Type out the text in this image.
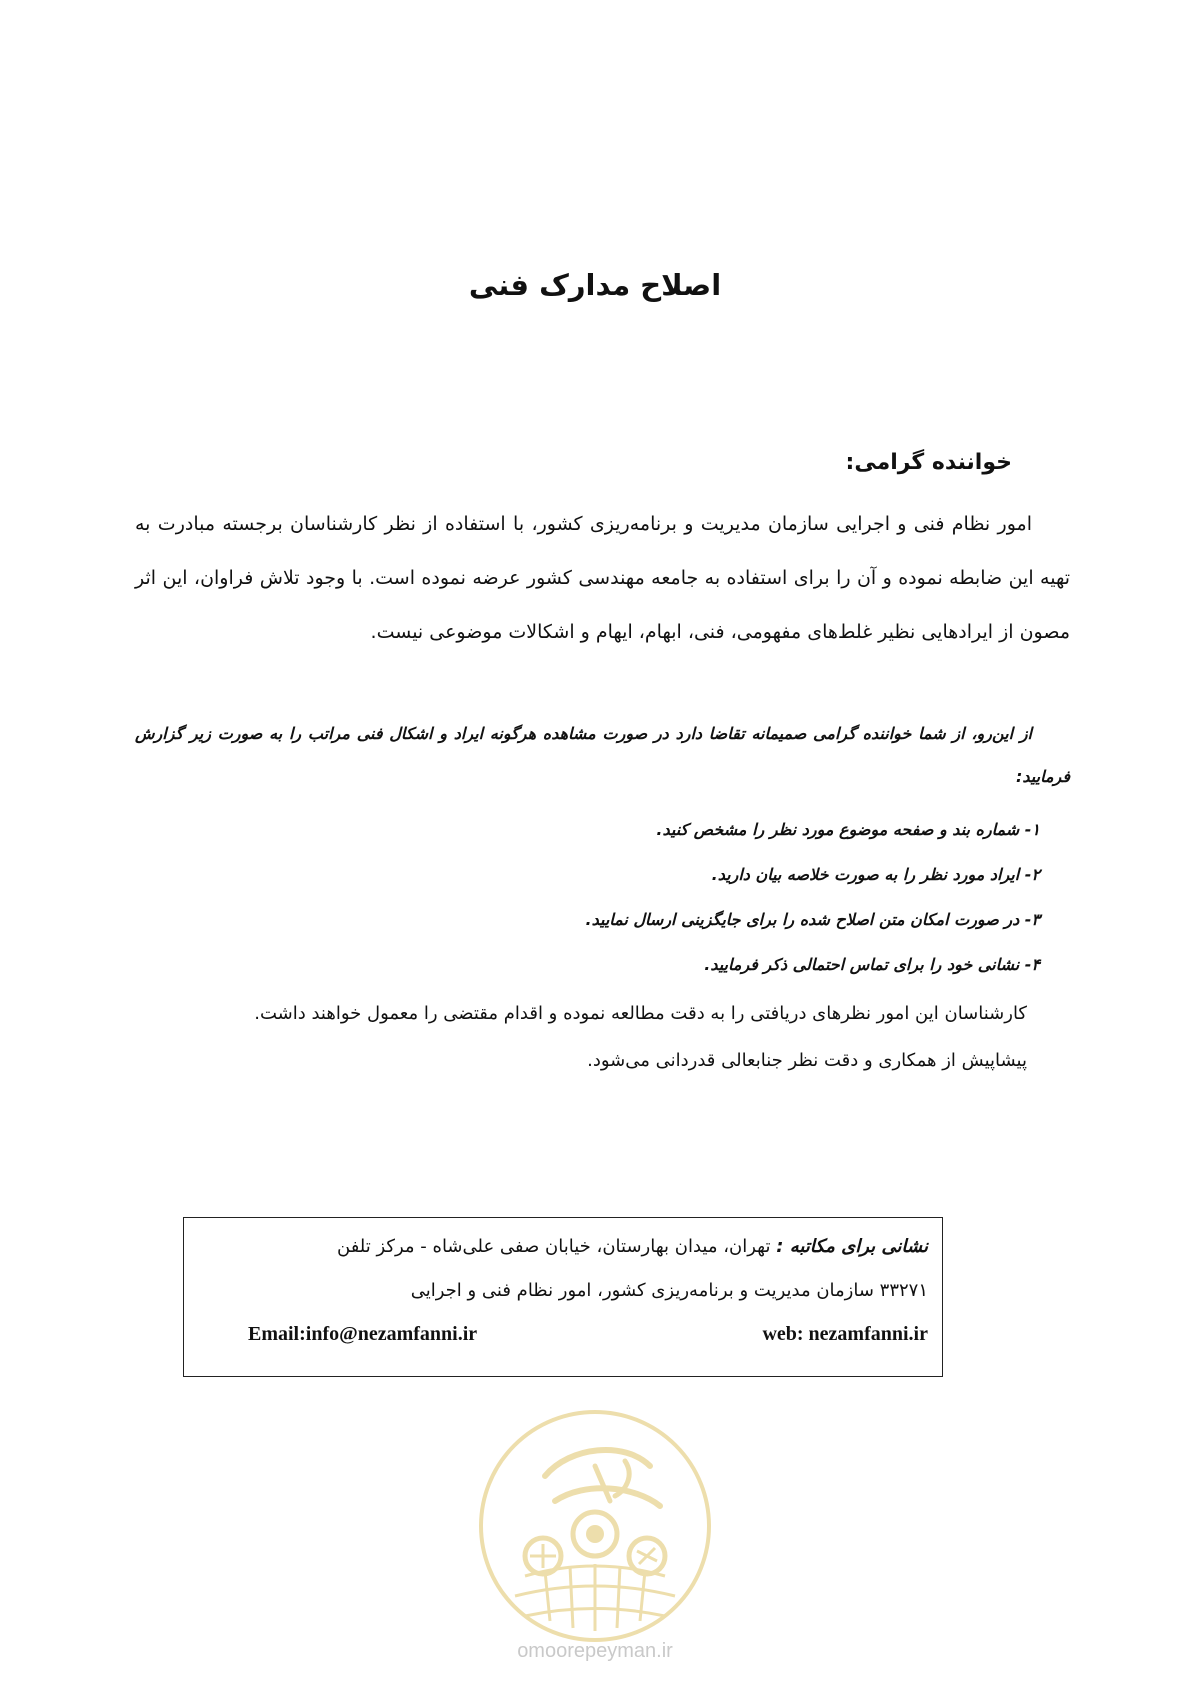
اصلاح مدارک فنی
خواننده گرامی:
امور نظام فنی و اجرایی سازمان مدیریت و برنامه‌ریزی کشور، با استفاده از نظر کارشناسان برجسته مبادرت به تهیه این ضابطه نموده و آن را برای استفاده به جامعه مهندسی کشور عرضه نموده است. با وجود تلاش فراوان، این اثر مصون از ایرادهایی نظیر غلط‌های مفهومی، فنی، ابهام، ایهام و اشکالات موضوعی نیست.
از این‌رو، از شما خواننده گرامی صمیمانه تقاضا دارد در صورت مشاهده هرگونه ایراد و اشکال فنی مراتب را به صورت زیر گزارش فرمایید:
۱- شماره بند و صفحه موضوع مورد نظر را مشخص کنید.
۲- ایراد مورد نظر را به صورت خلاصه بیان دارید.
۳- در صورت امکان متن اصلاح شده را برای جایگزینی ارسال نمایید.
۴- نشانی خود را برای تماس احتمالی ذکر فرمایید.
کارشناسان این امور نظرهای دریافتی را به دقت مطالعه نموده و اقدام مقتضی را معمول خواهند داشت.
پیشاپیش از همکاری و دقت نظر جنابعالی قدردانی می‌شود.
نشانی برای مکاتبه : تهران، میدان بهارستان، خیابان صفی علی‌شاه - مرکز تلفن
۳۳۲۷۱ سازمان مدیریت و برنامه‌ریزی کشور، امور نظام فنی و اجرایی
web: nezamfanni.ir
Email:info@nezamfanni.ir
omoorepeyman.ir
